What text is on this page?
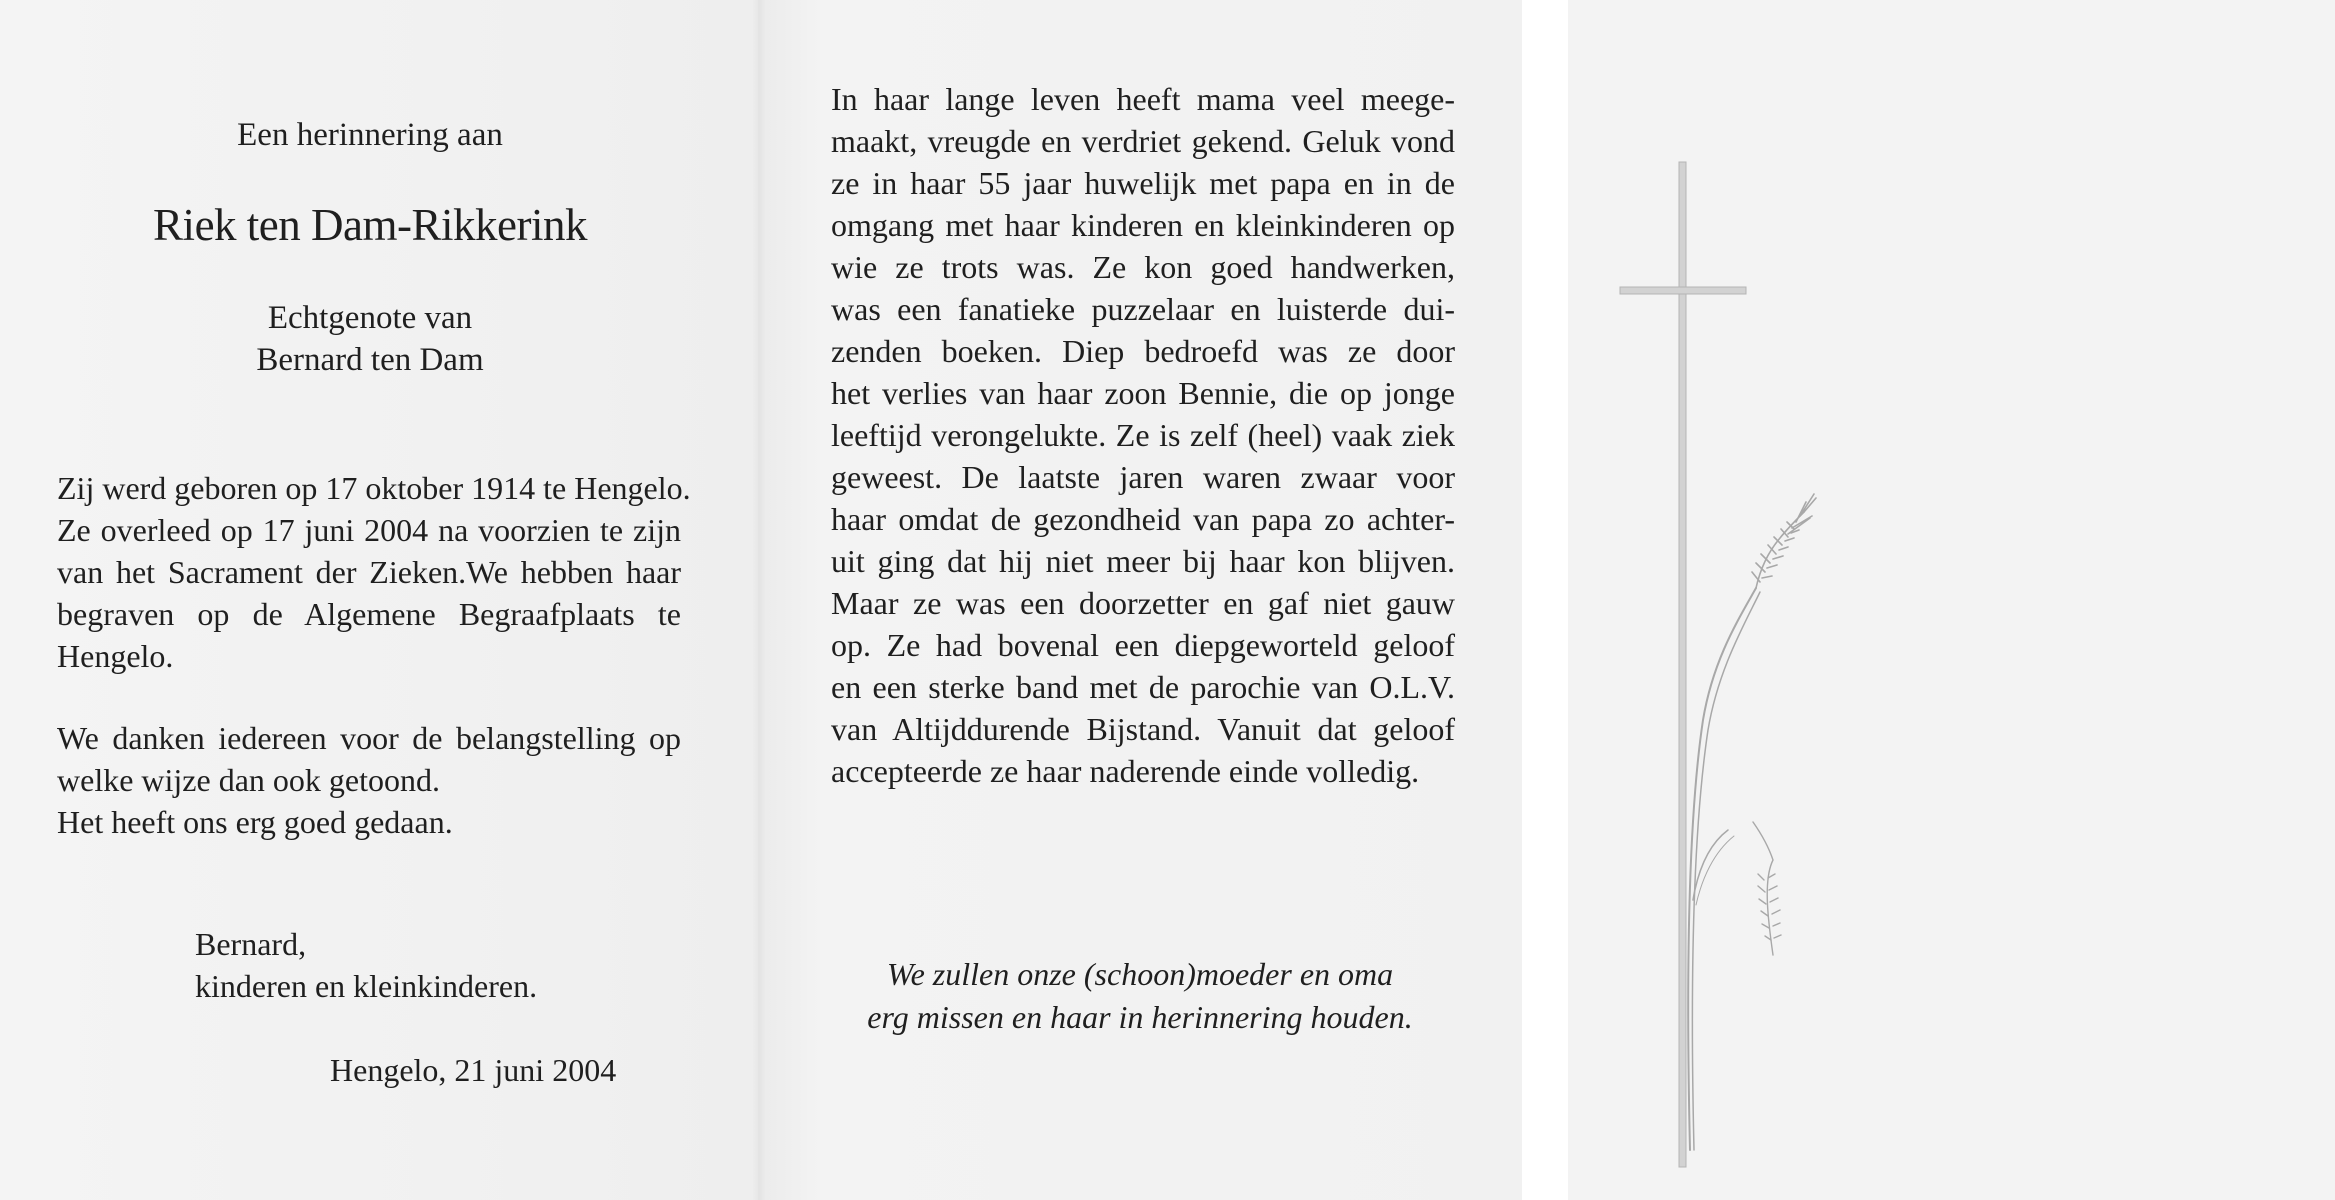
Een herinnering aan
Riek ten Dam-Rikkerink
Echtgenote van
Bernard ten Dam
Zij werd geboren op 17 oktober 1914 te Hengelo.
Ze overleed op 17 juni 2004 na voorzien te zijn
van het Sacrament der Zieken.We hebben haar
begraven op de Algemene Begraafplaats te
Hengelo.
We danken iedereen voor de belangstelling op
welke wijze dan ook getoond.
Het heeft ons erg goed gedaan.
Bernard,
kinderen en kleinkinderen.
Hengelo, 21 juni 2004
In haar lange leven heeft mama veel meege-
maakt, vreugde en verdriet gekend. Geluk vond
ze in haar 55 jaar huwelijk met papa en in de
omgang met haar kinderen en kleinkinderen op
wie ze trots was. Ze kon goed handwerken,
was een fanatieke puzzelaar en luisterde dui-
zenden boeken. Diep bedroefd was ze door
het verlies van haar zoon Bennie, die op jonge
leeftijd verongelukte. Ze is zelf (heel) vaak ziek
geweest. De laatste jaren waren zwaar voor
haar omdat de gezondheid van papa zo achter-
uit ging dat hij niet meer bij haar kon blijven.
Maar ze was een doorzetter en gaf niet gauw
op. Ze had bovenal een diepgeworteld geloof
en een sterke band met de parochie van O.L.V.
van Altijddurende Bijstand. Vanuit dat geloof
accepteerde ze haar naderende einde volledig.
We zullen onze (schoon)moeder en oma
erg missen en haar in herinnering houden.
